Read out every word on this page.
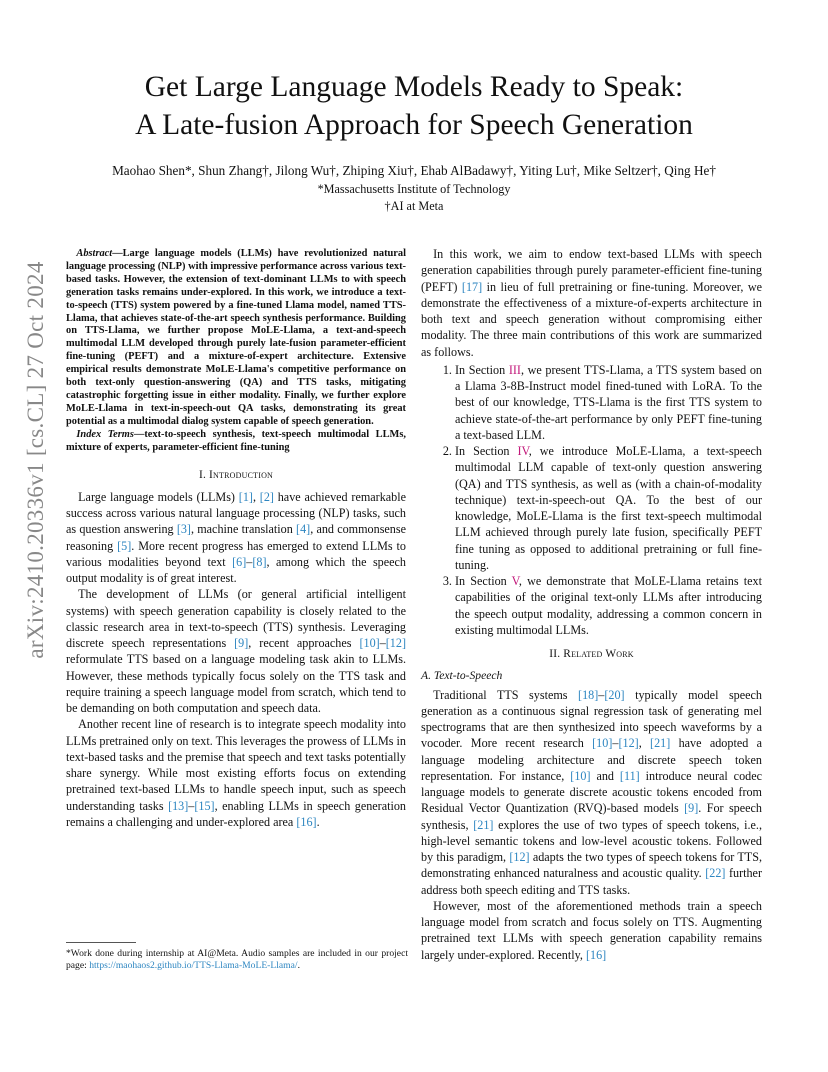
Get Large Language Models Ready to Speak:
A Late-fusion Approach for Speech Generation
Maohao Shen*, Shun Zhang†, Jilong Wu†, Zhiping Xiu†, Ehab AlBadawy†, Yiting Lu†, Mike Seltzer†, Qing He†
*Massachusetts Institute of Technology
†AI at Meta
arXiv:2410.20336v1 [cs.CL] 27 Oct 2024

Abstract—Large language models (LLMs) have revolutionized natural language processing (NLP) with impressive performance across various text-based tasks. However, the extension of text-dominant LLMs to with speech generation tasks remains under-explored. In this work, we introduce a text-to-speech (TTS) system powered by a fine-tuned Llama model, named TTS-Llama, that achieves state-of-the-art speech synthesis performance. Building on TTS-Llama, we further propose MoLE-Llama, a text-and-speech multimodal LLM developed through purely late-fusion parameter-efficient fine-tuning (PEFT) and a mixture-of-expert architecture. Extensive empirical results demonstrate MoLE-Llama's competitive performance on both text-only question-answering (QA) and TTS tasks, mitigating catastrophic forgetting issue in either modality. Finally, we further explore MoLE-Llama in text-in-speech-out QA tasks, demonstrating its great potential as a multimodal dialog system capable of speech generation.

Index Terms—text-to-speech synthesis, text-speech multimodal LLMs, mixture of experts, parameter-efficient fine-tuning

I. Introduction

Large language models (LLMs) [1], [2] have achieved remarkable success across various natural language processing (NLP) tasks, such as question answering [3], machine translation [4], and commonsense reasoning [5]. More recent progress has emerged to extend LLMs to various modalities beyond text [6]–[8], among which the speech output modality is of great interest.

The development of LLMs (or general artificial intelligent systems) with speech generation capability is closely related to the classic research area in text-to-speech (TTS) synthesis. Leveraging discrete speech representations [9], recent approaches [10]–[12] reformulate TTS based on a language modeling task akin to LLMs. However, these methods typically focus solely on the TTS task and require training a speech language model from scratch, which tend to be demanding on both computation and speech data.

Another recent line of research is to integrate speech modality into LLMs pretrained only on text. This leverages the prowess of LLMs in text-based tasks and the premise that speech and text tasks potentially share synergy. While most existing efforts focus on extending pretrained text-based LLMs to handle speech input, such as speech understanding tasks [13]–[15], enabling LLMs in speech generation remains a challenging and under-explored area [16].

*Work done during internship at AI@Meta. Audio samples are included in our project page: https://maohaos2.github.io/TTS-Llama-MoLE-Llama/.

In this work, we aim to endow text-based LLMs with speech generation capabilities through purely parameter-efficient fine-tuning (PEFT) [17] in lieu of full pretraining or fine-tuning. Moreover, we demonstrate the effectiveness of a mixture-of-experts architecture in both text and speech generation without compromising either modality. The three main contributions of this work are summarized as follows.

1. In Section III, we present TTS-Llama, a TTS system based on a Llama 3-8B-Instruct model fined-tuned with LoRA. To the best of our knowledge, TTS-Llama is the first TTS system to achieve state-of-the-art performance by only PEFT fine-tuning a text-based LLM.
2. In Section IV, we introduce MoLE-Llama, a text-speech multimodal LLM capable of text-only question answering (QA) and TTS synthesis, as well as (with a chain-of-modality technique) text-in-speech-out QA. To the best of our knowledge, MoLE-Llama is the first text-speech multimodal LLM achieved through purely late fusion, specifically PEFT fine tuning as opposed to additional pretraining or full fine-tuning.
3. In Section V, we demonstrate that MoLE-Llama retains text capabilities of the original text-only LLMs after introducing the speech output modality, addressing a common concern in existing multimodal LLMs.
II. Related Work
A. Text-to-Speech

Traditional TTS systems [18]–[20] typically model speech generation as a continuous signal regression task of generating mel spectrograms that are then synthesized into speech waveforms by a vocoder. More recent research [10]–[12], [21] have adopted a language modeling architecture and discrete speech token representation. For instance, [10] and [11] introduce neural codec language models to generate discrete acoustic tokens encoded from Residual Vector Quantization (RVQ)-based models [9]. For speech synthesis, [21] explores the use of two types of speech tokens, i.e., high-level semantic tokens and low-level acoustic tokens. Followed by this paradigm, [12] adapts the two types of speech tokens for TTS, demonstrating enhanced naturalness and acoustic quality. [22] further address both speech editing and TTS tasks.

However, most of the aforementioned methods train a speech language model from scratch and focus solely on TTS. Augmenting pretrained text LLMs with speech generation capability remains largely under-explored. Recently, [16]
